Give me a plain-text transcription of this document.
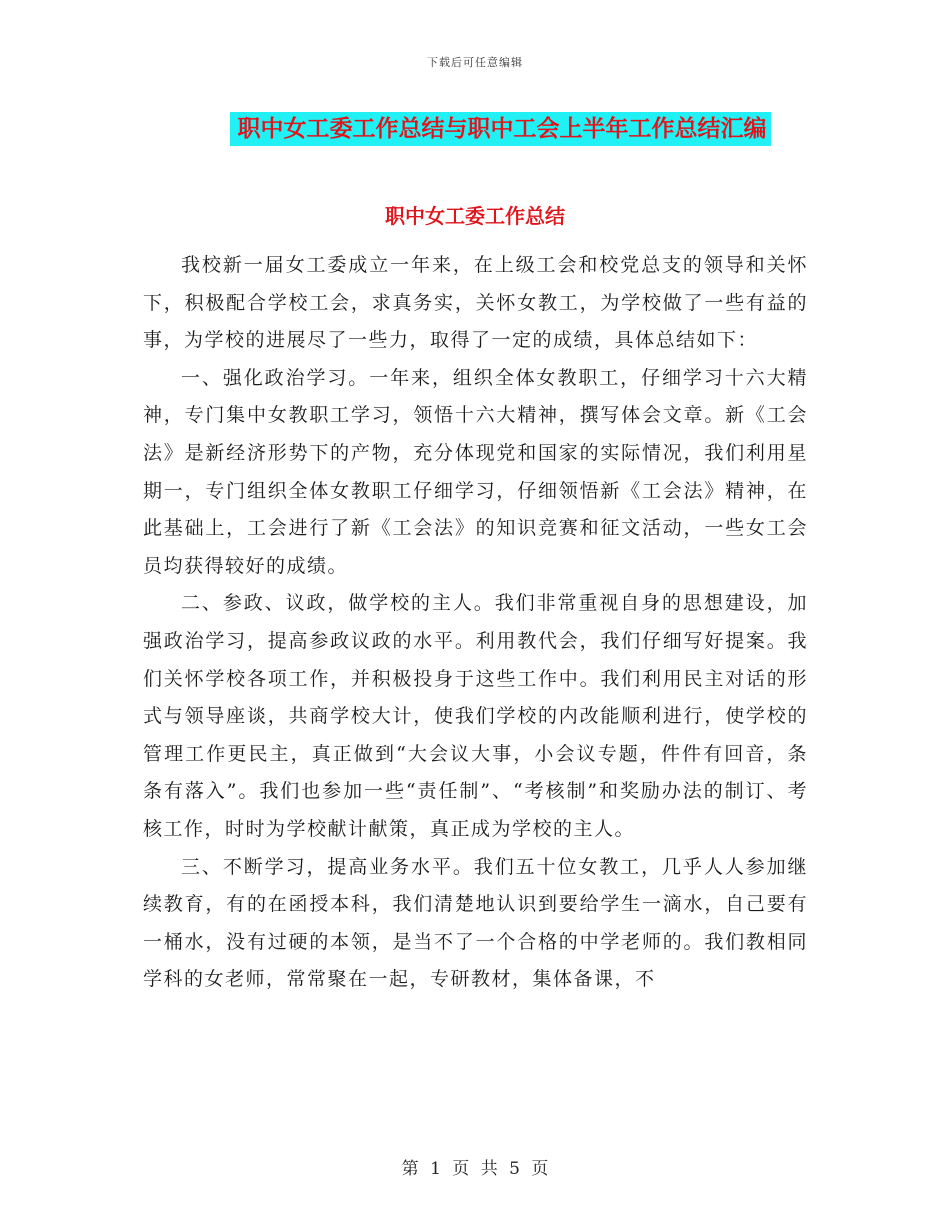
下载后可任意编辑
职中女工委工作总结与职中工会上半年工作总结汇编
职中女工委工作总结

我校新一届女工委成立一年来，在上级工会和校党总支的领导和关怀下，积极配合学校工会，求真务实，关怀女教工，为学校做了一些有益的事，为学校的进展尽了一些力，取得了一定的成绩，具体总结如下：

一、强化政治学习。一年来，组织全体女教职工，仔细学习十六大精神，专门集中女教职工学习，领悟十六大精神，撰写体会文章。新《工会法》是新经济形势下的产物，充分体现党和国家的实际情况，我们利用星期一，专门组织全体女教职工仔细学习，仔细领悟新《工会法》精神，在此基础上，工会进行了新《工会法》的知识竞赛和征文活动，一些女工会员均获得较好的成绩。

二、参政、议政，做学校的主人。我们非常重视自身的思想建设，加强政治学习，提高参政议政的水平。利用教代会，我们仔细写好提案。我们关怀学校各项工作，并积极投身于这些工作中。我们利用民主对话的形式与领导座谈，共商学校大计，使我们学校的内改能顺利进行，使学校的管理工作更民主，真正做到“大会议大事，小会议专题，件件有回音，条条有落入”。我们也参加一些“责任制”、“考核制”和奖励办法的制订、考核工作，时时为学校献计献策，真正成为学校的主人。

三、不断学习，提高业务水平。我们五十位女教工，几乎人人参加继续教育，有的在函授本科，我们清楚地认识到要给学生一滴水，自己要有一桶水，没有过硬的本领，是当不了一个合格的中学老师的。我们教相同学科的女老师，常常聚在一起，专研教材，集体备课，不

第 1 页 共 5 页
